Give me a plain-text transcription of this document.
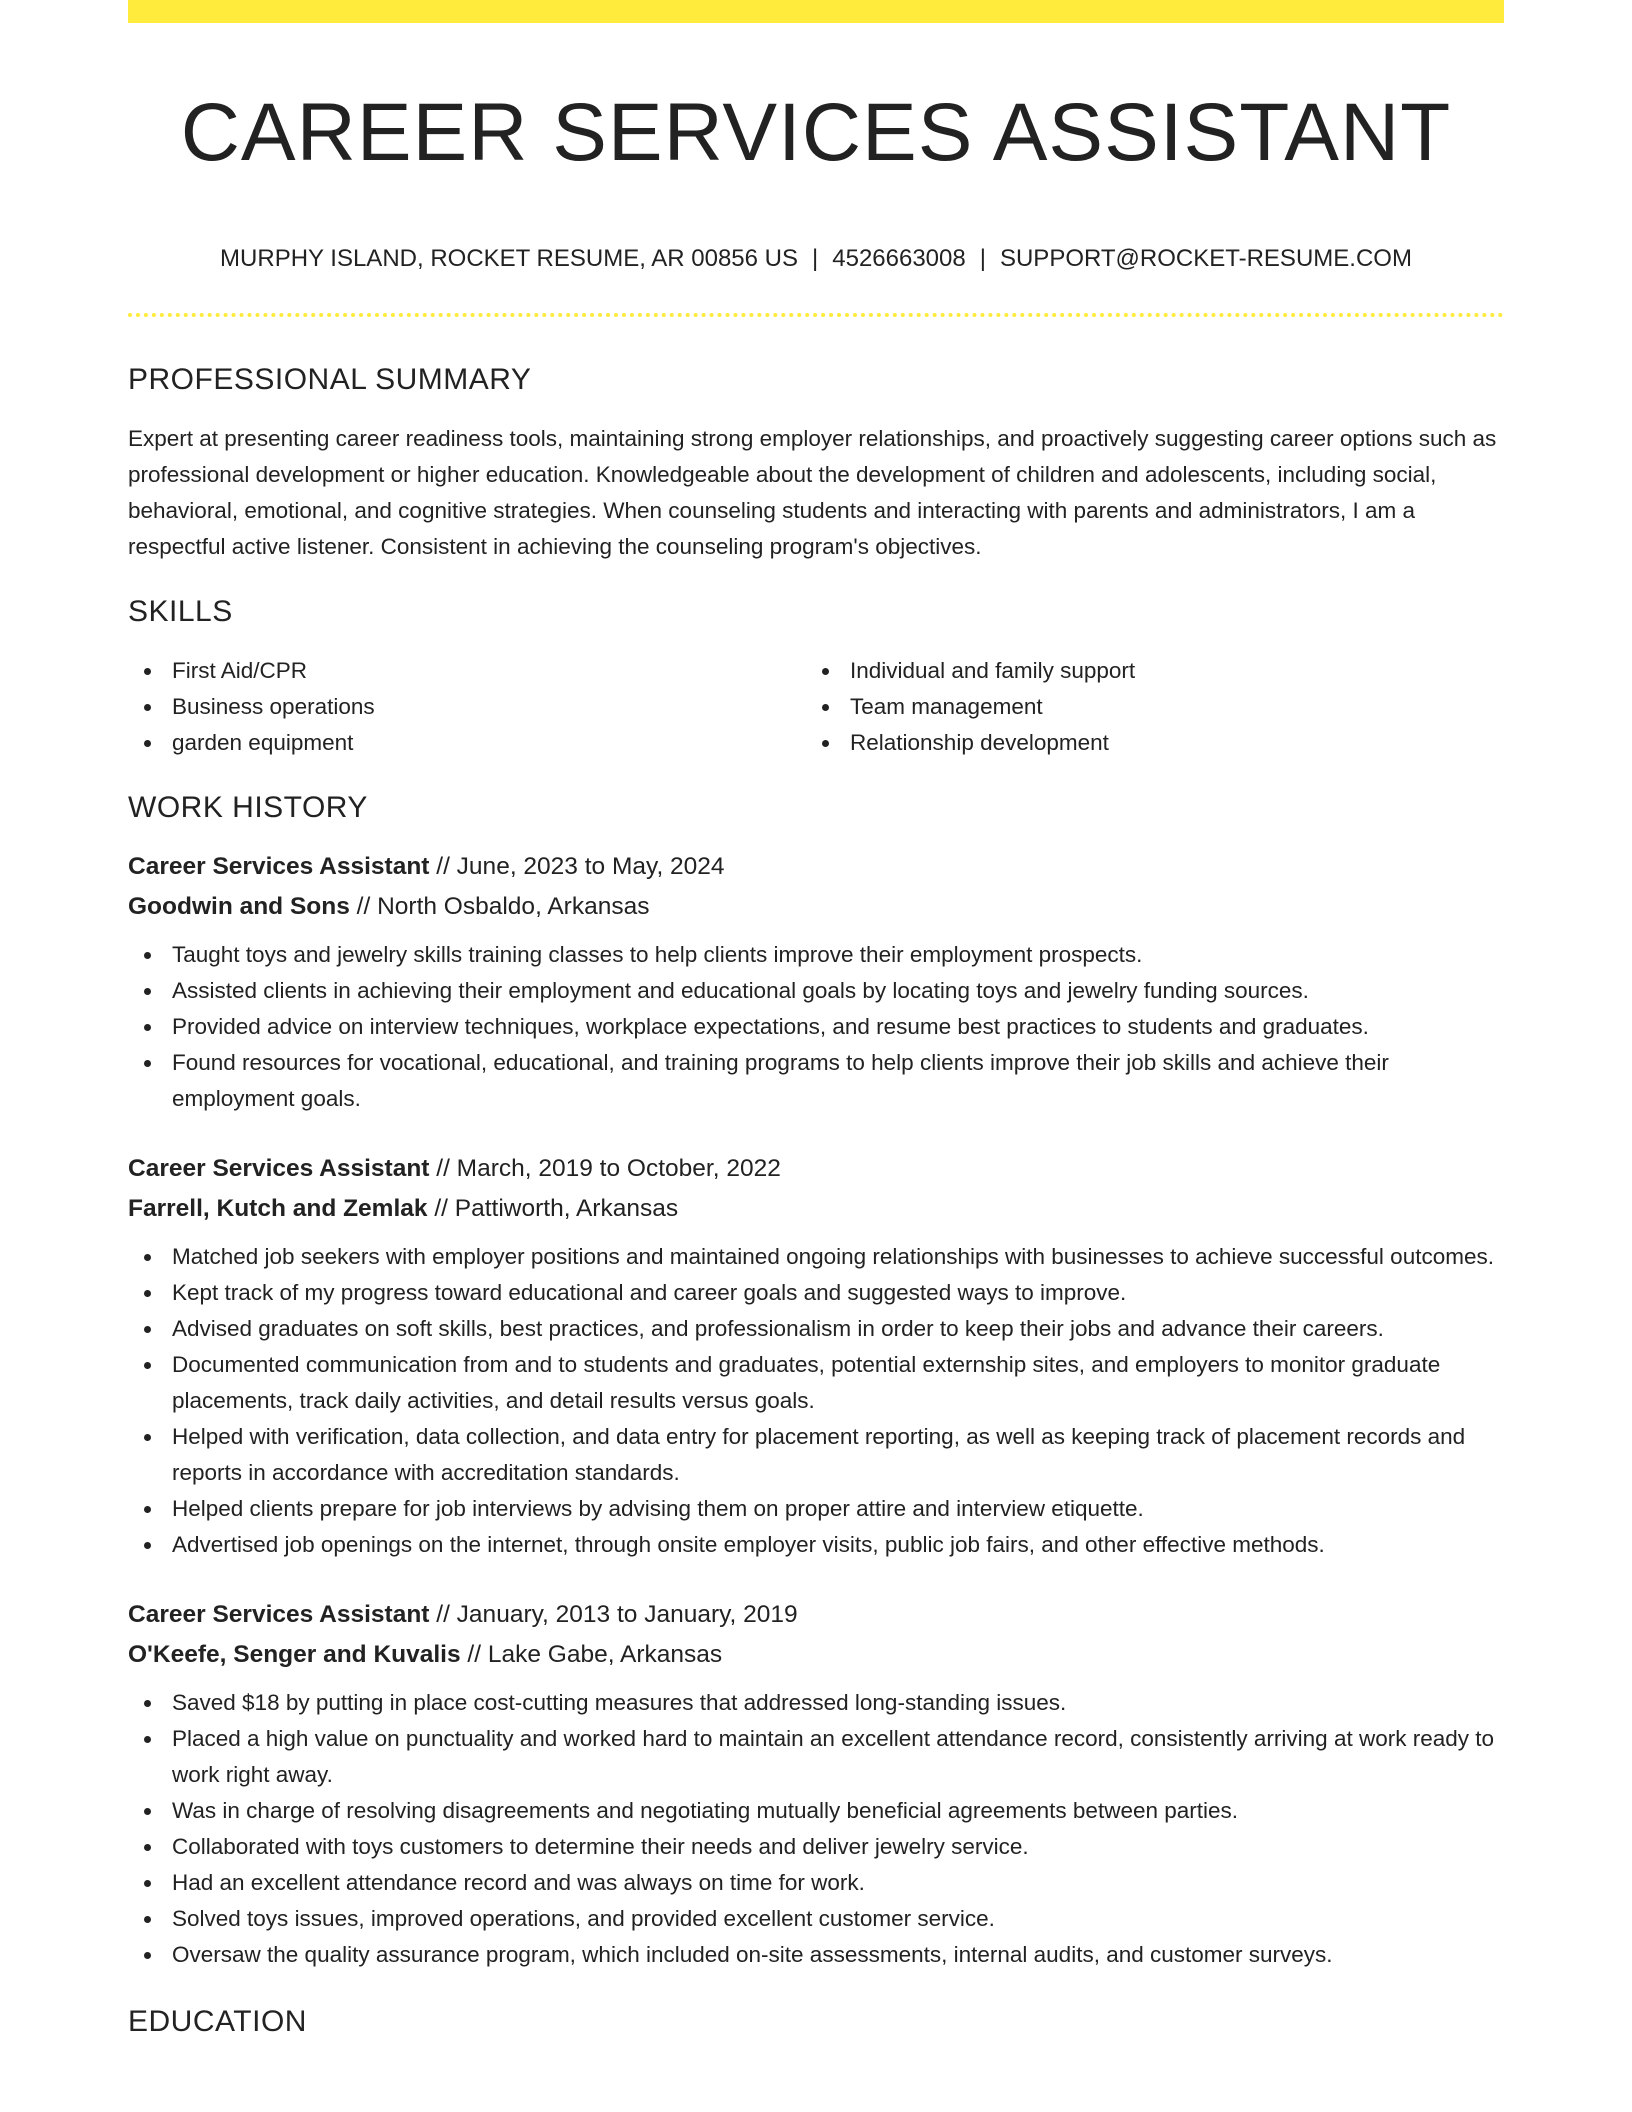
CAREER SERVICES ASSISTANT
MURPHY ISLAND, ROCKET RESUME, AR 00856 US | 4526663008 | SUPPORT@ROCKET-RESUME.COM
PROFESSIONAL SUMMARY

Expert at presenting career readiness tools, maintaining strong employer relationships, and proactively suggesting career options such as professional development or higher education. Knowledgeable about the development of children and adolescents, including social, behavioral, emotional, and cognitive strategies. When counseling students and interacting with parents and administrators, I am a respectful active listener. Consistent in achieving the counseling program's objectives.

SKILLS
First Aid/CPR
Business operations
garden equipment
Individual and family support
Team management
Relationship development
WORK HISTORY
Career Services Assistant // June, 2023 to May, 2024
Goodwin and Sons // North Osbaldo, Arkansas
Taught toys and jewelry skills training classes to help clients improve their employment prospects.
Assisted clients in achieving their employment and educational goals by locating toys and jewelry funding sources.
Provided advice on interview techniques, workplace expectations, and resume best practices to students and graduates.
Found resources for vocational, educational, and training programs to help clients improve their job skills and achieve their employment goals.
Career Services Assistant // March, 2019 to October, 2022
Farrell, Kutch and Zemlak // Pattiworth, Arkansas
Matched job seekers with employer positions and maintained ongoing relationships with businesses to achieve successful outcomes.
Kept track of my progress toward educational and career goals and suggested ways to improve.
Advised graduates on soft skills, best practices, and professionalism in order to keep their jobs and advance their careers.
Documented communication from and to students and graduates, potential externship sites, and employers to monitor graduate placements, track daily activities, and detail results versus goals.
Helped with verification, data collection, and data entry for placement reporting, as well as keeping track of placement records and reports in accordance with accreditation standards.
Helped clients prepare for job interviews by advising them on proper attire and interview etiquette.
Advertised job openings on the internet, through onsite employer visits, public job fairs, and other effective methods.
Career Services Assistant // January, 2013 to January, 2019
O'Keefe, Senger and Kuvalis // Lake Gabe, Arkansas
Saved $18 by putting in place cost-cutting measures that addressed long-standing issues.
Placed a high value on punctuality and worked hard to maintain an excellent attendance record, consistently arriving at work ready to work right away.
Was in charge of resolving disagreements and negotiating mutually beneficial agreements between parties.
Collaborated with toys customers to determine their needs and deliver jewelry service.
Had an excellent attendance record and was always on time for work.
Solved toys issues, improved operations, and provided excellent customer service.
Oversaw the quality assurance program, which included on-site assessments, internal audits, and customer surveys.
EDUCATION
